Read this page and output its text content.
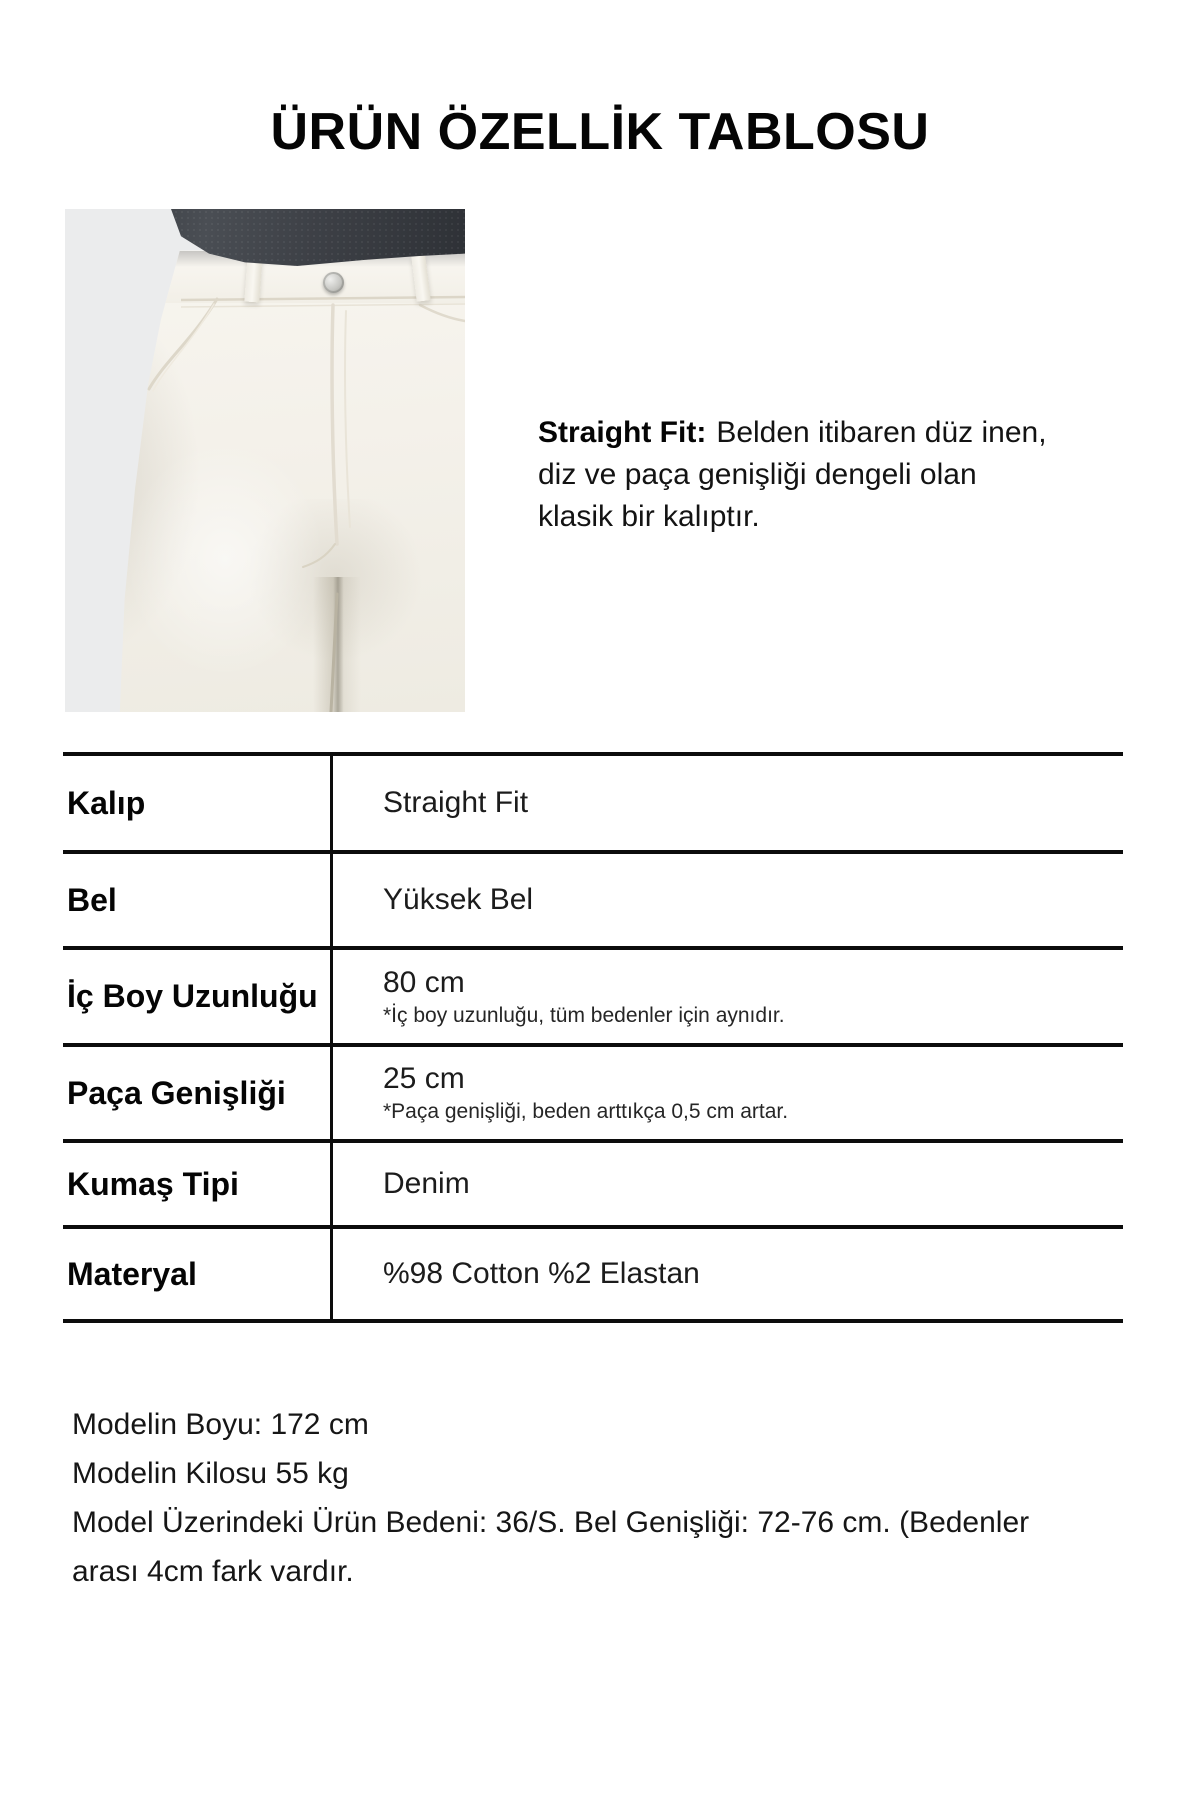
ÜRÜN ÖZELLİK TABLOSU

Straight Fit: Belden itibaren düz inen,
diz ve paça genişliği dengeli olan
klasik bir kalıptır.

Kalıp	Straight Fit
Bel	Yüksek Bel
İç Boy Uzunluğu	80 cm
*İç boy uzunluğu, tüm bedenler için aynıdır.
Paça Genişliği	25 cm
*Paça genişliği, beden arttıkça 0,5 cm artar.
Kumaş Tipi	Denim
Materyal	%98 Cotton %2 Elastan
Modelin Boyu: 172 cm
Modelin Kilosu 55 kg
Model Üzerindeki Ürün Bedeni: 36/S. Bel Genişliği: 72-76 cm. (Bedenler
arası 4cm fark vardır.
